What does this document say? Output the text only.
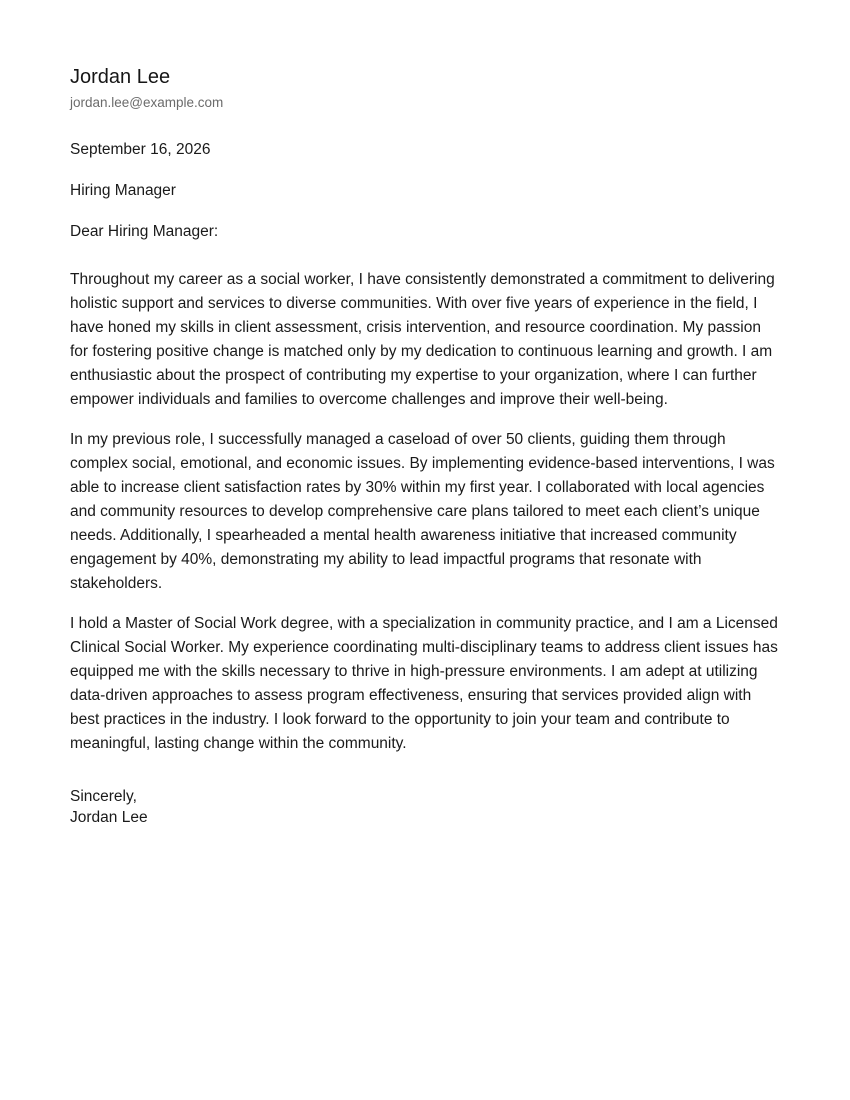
Jordan Lee
jordan.lee@example.com
September 16, 2026
Hiring Manager
Dear Hiring Manager:

Throughout my career as a social worker, I have consistently demonstrated a commitment to delivering holistic support and services to diverse communities. With over five years of experience in the field, I have honed my skills in client assessment, crisis intervention, and resource coordination. My passion for fostering positive change is matched only by my dedication to continuous learning and growth. I am enthusiastic about the prospect of contributing my expertise to your organization, where I can further empower individuals and families to overcome challenges and improve their well-being.

In my previous role, I successfully managed a caseload of over 50 clients, guiding them through complex social, emotional, and economic issues. By implementing evidence-based interventions, I was able to increase client satisfaction rates by 30% within my first year. I collaborated with local agencies and community resources to develop comprehensive care plans tailored to meet each client’s unique needs. Additionally, I spearheaded a mental health awareness initiative that increased community engagement by 40%, demonstrating my ability to lead impactful programs that resonate with stakeholders.

I hold a Master of Social Work degree, with a specialization in community practice, and I am a Licensed Clinical Social Worker. My experience coordinating multi-disciplinary teams to address client issues has equipped me with the skills necessary to thrive in high-pressure environments. I am adept at utilizing data-driven approaches to assess program effectiveness, ensuring that services provided align with best practices in the industry. I look forward to the opportunity to join your team and contribute to meaningful, lasting change within the community.

Sincerely,
Jordan Lee
